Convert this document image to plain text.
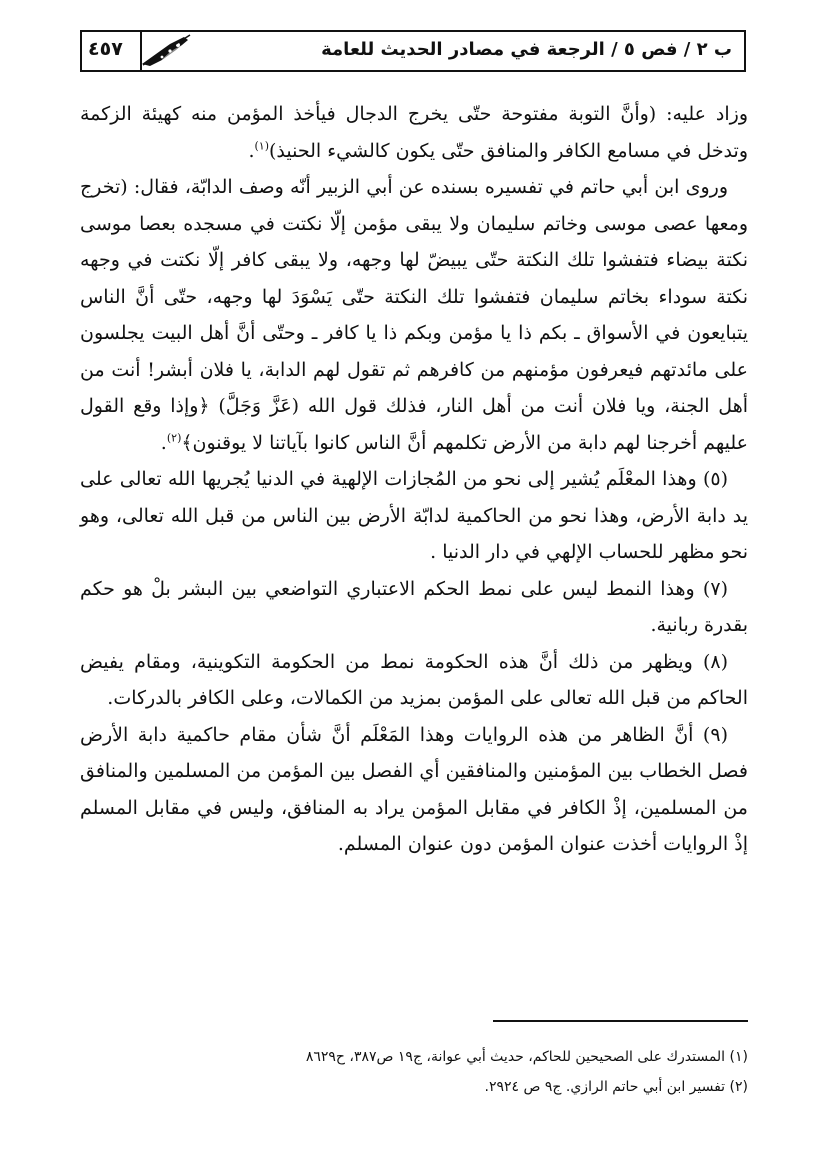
٤٥٧	ب ٢ / فص ٥ / الرجعة في مصادر الحديث للعامة

وزاد عليه: (وأنَّ التوبة مفتوحة حتّى يخرج الدجال فيأخذ المؤمن منه كهيئة الزكمة وتدخل في مسامع الكافر والمنافق حتّى يكون كالشيء الحنيذ)$^{(١)}$.

وروى ابن أبي حاتم في تفسيره بسنده عن أبي الزبير أنّه وصف الدابّة، فقال: (تخرج ومعها عصى موسى وخاتم سليمان ولا يبقى مؤمن إلّا نكتت في مسجده بعصا موسى نكتة بيضاء فتفشوا تلك النكتة حتّى يبيضّ لها وجهه، ولا يبقى كافر إلّا نكتت في وجهه نكتة سوداء بخاتم سليمان فتفشوا تلك النكتة حتّى يَسْوَدَ لها وجهه، حتّى أنَّ الناس يتبايعون في الأسواق ـ بكم ذا يا مؤمن وبكم ذا يا كافر ـ وحتّى أنَّ أهل البيت يجلسون على مائدتهم فيعرفون مؤمنهم من كافرهم ثم تقول لهم الدابة، يا فلان أبشر! أنت من أهل الجنة، ويا فلان أنت من أهل النار، فذلك قول الله (عَزَّ وَجَلَّ) ﴿وإذا وقع القول عليهم أخرجنا لهم دابة من الأرض تكلمهم أنَّ الناس كانوا بآياتنا لا يوقنون﴾$^{(٢)}$.

(٥) وهذا المعْلَم يُشير إلى نحو من المُجازات الإلهية في الدنيا يُجريها الله تعالى على يد دابة الأرض، وهذا نحو من الحاكمية لدابّة الأرض بين الناس من قبل الله تعالى، وهو نحو مظهر للحساب الإلهي في دار الدنيا .

(٧) وهذا النمط ليس على نمط الحكم الاعتباري التواضعي بين البشر بلْ هو حكم بقدرة ربانية.

(٨) ويظهر من ذلك أنَّ هذه الحكومة نمط من الحكومة التكوينية، ومقام يفيض الحاكم من قبل الله تعالى على المؤمن بمزيد من الكمالات، وعلى الكافر بالدركات.

(٩) أنَّ الظاهر من هذه الروايات وهذا المَعْلَم أنَّ شأن مقام حاكمية دابة الأرض فصل الخطاب بين المؤمنين والمنافقين أي الفصل بين المؤمن من المسلمين والمنافق من المسلمين، إذْ الكافر في مقابل المؤمن يراد به المنافق، وليس في مقابل المسلم إذْ الروايات أخذت عنوان المؤمن دون عنوان المسلم.

(١) المستدرك على الصحيحين للحاكم، حديث أبي عوانة، ج١٩ ص٣٨٧، ح٨٦٢٩

(٢) تفسير ابن أبي حاتم الرازي. ج٩ ص ٢٩٢٤.
